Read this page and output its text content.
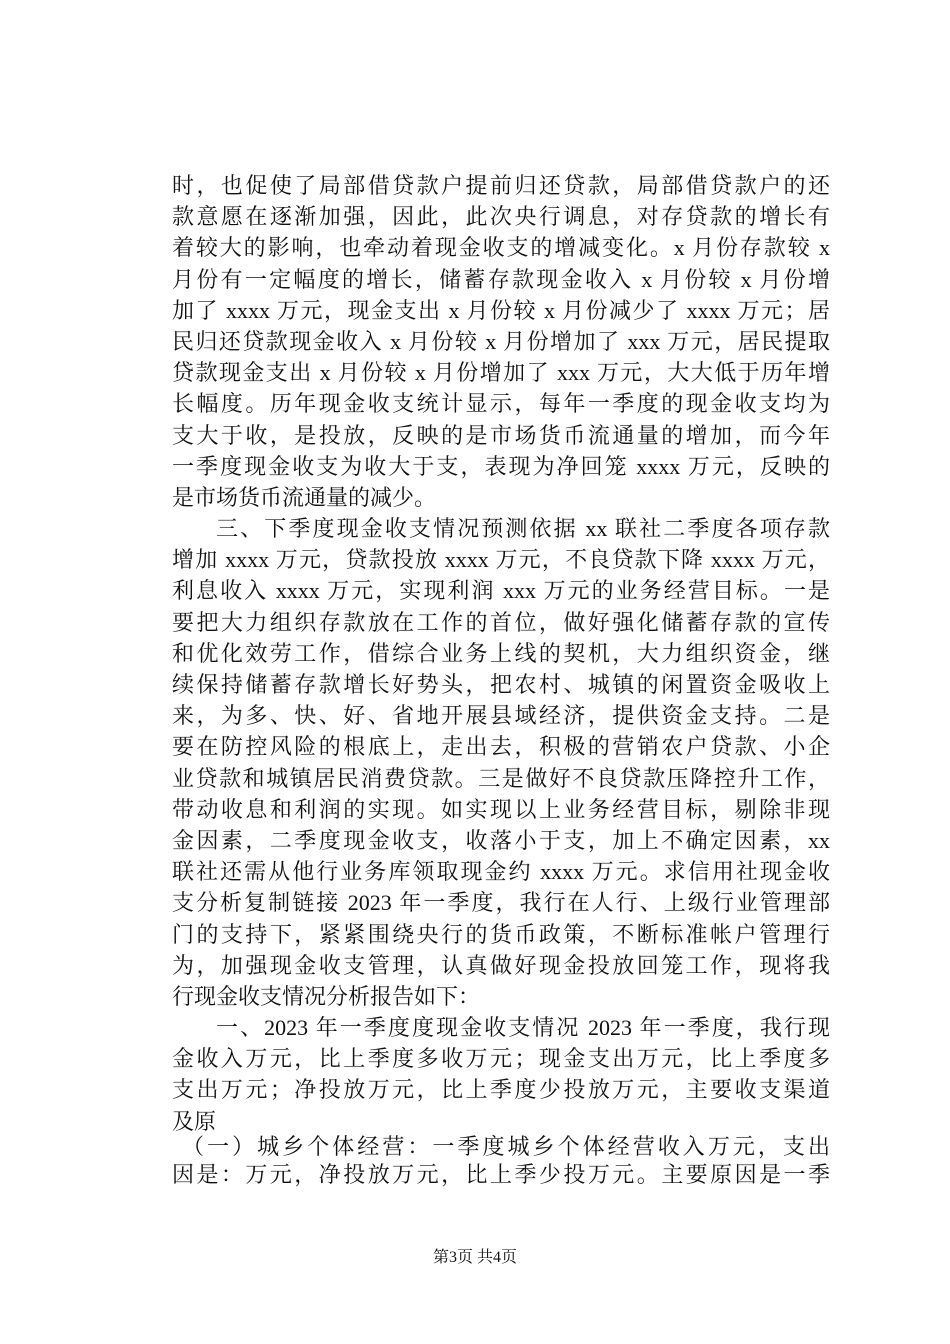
时，也促使了局部借贷款户提前归还贷款，局部借贷款户的还
款意愿在逐渐加强，因此，此次央行调息，对存贷款的增长有
着较大的影响，也牵动着现金收支的增减变化。x 月份存款较 x
月份有一定幅度的增长，储蓄存款现金收入 x 月份较 x 月份增
加了 xxxx 万元，现金支出 x 月份较 x 月份减少了 xxxx 万元；居
民归还贷款现金收入 x 月份较 x 月份增加了 xxx 万元，居民提取
贷款现金支出 x 月份较 x 月份增加了 xxx 万元，大大低于历年增
长幅度。历年现金收支统计显示，每年一季度的现金收支均为
支大于收，是投放，反映的是市场货币流通量的增加，而今年
一季度现金收支为收大于支，表现为净回笼 xxxx 万元，反映的
是市场货币流通量的减少。
三、下季度现金收支情况预测依据 xx 联社二季度各项存款
增加 xxxx 万元，贷款投放 xxxx 万元，不良贷款下降 xxxx 万元，
利息收入 xxxx 万元，实现利润 xxx 万元的业务经营目标。一是
要把大力组织存款放在工作的首位，做好强化储蓄存款的宣传
和优化效劳工作，借综合业务上线的契机，大力组织资金，继
续保持储蓄存款增长好势头，把农村、城镇的闲置资金吸收上
来，为多、快、好、省地开展县域经济，提供资金支持。二是
要在防控风险的根底上，走出去，积极的营销农户贷款、小企
业贷款和城镇居民消费贷款。三是做好不良贷款压降控升工作，
带动收息和利润的实现。如实现以上业务经营目标，剔除非现
金因素，二季度现金收支，收落小于支，加上不确定因素，xx
联社还需从他行业务库领取现金约 xxxx 万元。求信用社现金收
支分析复制链接 2023 年一季度，我行在人行、上级行业管理部
门的支持下，紧紧围绕央行的货币政策，不断标准帐户管理行
为，加强现金收支管理，认真做好现金投放回笼工作，现将我
行现金收支情况分析报告如下：
一、2023 年一季度度现金收支情况 2023 年一季度，我行现
金收入万元，比上季度多收万元；现金支出万元，比上季度多
支出万元；净投放万元，比上季度少投放万元，主要收支渠道
及原
（一）城乡个体经营：一季度城乡个体经营收入万元，支出
因是：万元，净投放万元，比上季少投万元。主要原因是一季
第3页 共4页
